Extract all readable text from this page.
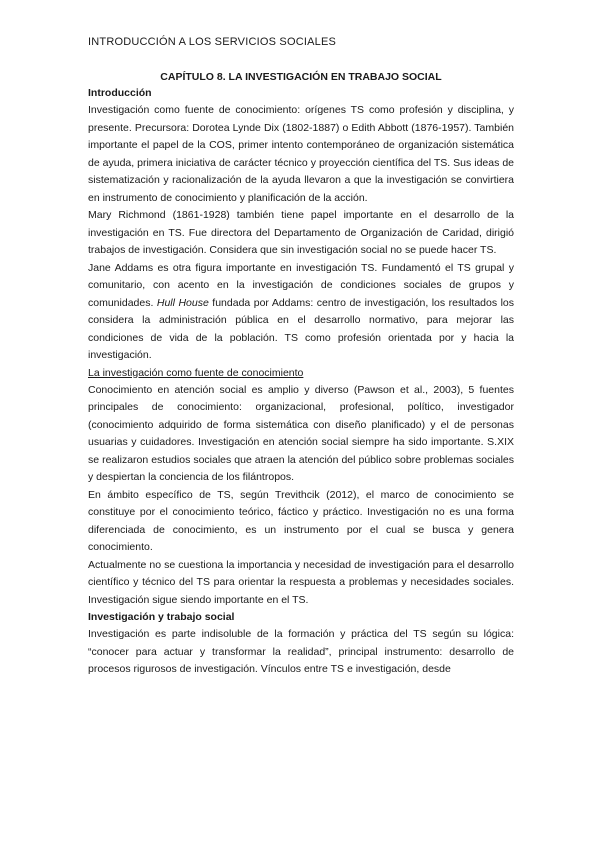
INTRODUCCIÓN A LOS SERVICIOS SOCIALES
CAPÍTULO 8. LA INVESTIGACIÓN EN TRABAJO SOCIAL
Introducción

Investigación como fuente de conocimiento: orígenes TS como profesión y disciplina, y presente. Precursora: Dorotea Lynde Dix (1802-1887) o Edith Abbott (1876-1957). También importante el papel de la COS, primer intento contemporáneo de organización sistemática de ayuda, primera iniciativa de carácter técnico y proyección científica del TS. Sus ideas de sistematización y racionalización de la ayuda llevaron a que la investigación se convirtiera en instrumento de conocimiento y planificación de la acción.

Mary Richmond (1861-1928) también tiene papel importante en el desarrollo de la investigación en TS. Fue directora del Departamento de Organización de Caridad, dirigió trabajos de investigación. Considera que sin investigación social no se puede hacer TS.

Jane Addams es otra figura importante en investigación TS. Fundamentó el TS grupal y comunitario, con acento en la investigación de condiciones sociales de grupos y comunidades. Hull House fundada por Addams: centro de investigación, los resultados los considera la administración pública en el desarrollo normativo, para mejorar las condiciones de vida de la población. TS como profesión orientada por y hacia la investigación.

La investigación como fuente de conocimiento

Conocimiento en atención social es amplio y diverso (Pawson et al., 2003), 5 fuentes principales de conocimiento: organizacional, profesional, político, investigador (conocimiento adquirido de forma sistemática con diseño planificado) y el de personas usuarias y cuidadores. Investigación en atención social siempre ha sido importante. S.XIX se realizaron estudios sociales que atraen la atención del público sobre problemas sociales y despiertan la conciencia de los filántropos.

En ámbito específico de TS, según Trevithcik (2012), el marco de conocimiento se constituye por el conocimiento teórico, fáctico y práctico. Investigación no es una forma diferenciada de conocimiento, es un instrumento por el cual se busca y genera conocimiento.

Actualmente no se cuestiona la importancia y necesidad de investigación para el desarrollo científico y técnico del TS para orientar la respuesta a problemas y necesidades sociales. Investigación sigue siendo importante en el TS.

Investigación y trabajo social

Investigación es parte indisoluble de la formación y práctica del TS según su lógica: “conocer para actuar y transformar la realidad”, principal instrumento: desarrollo de procesos rigurosos de investigación. Vínculos entre TS e investigación, desde
